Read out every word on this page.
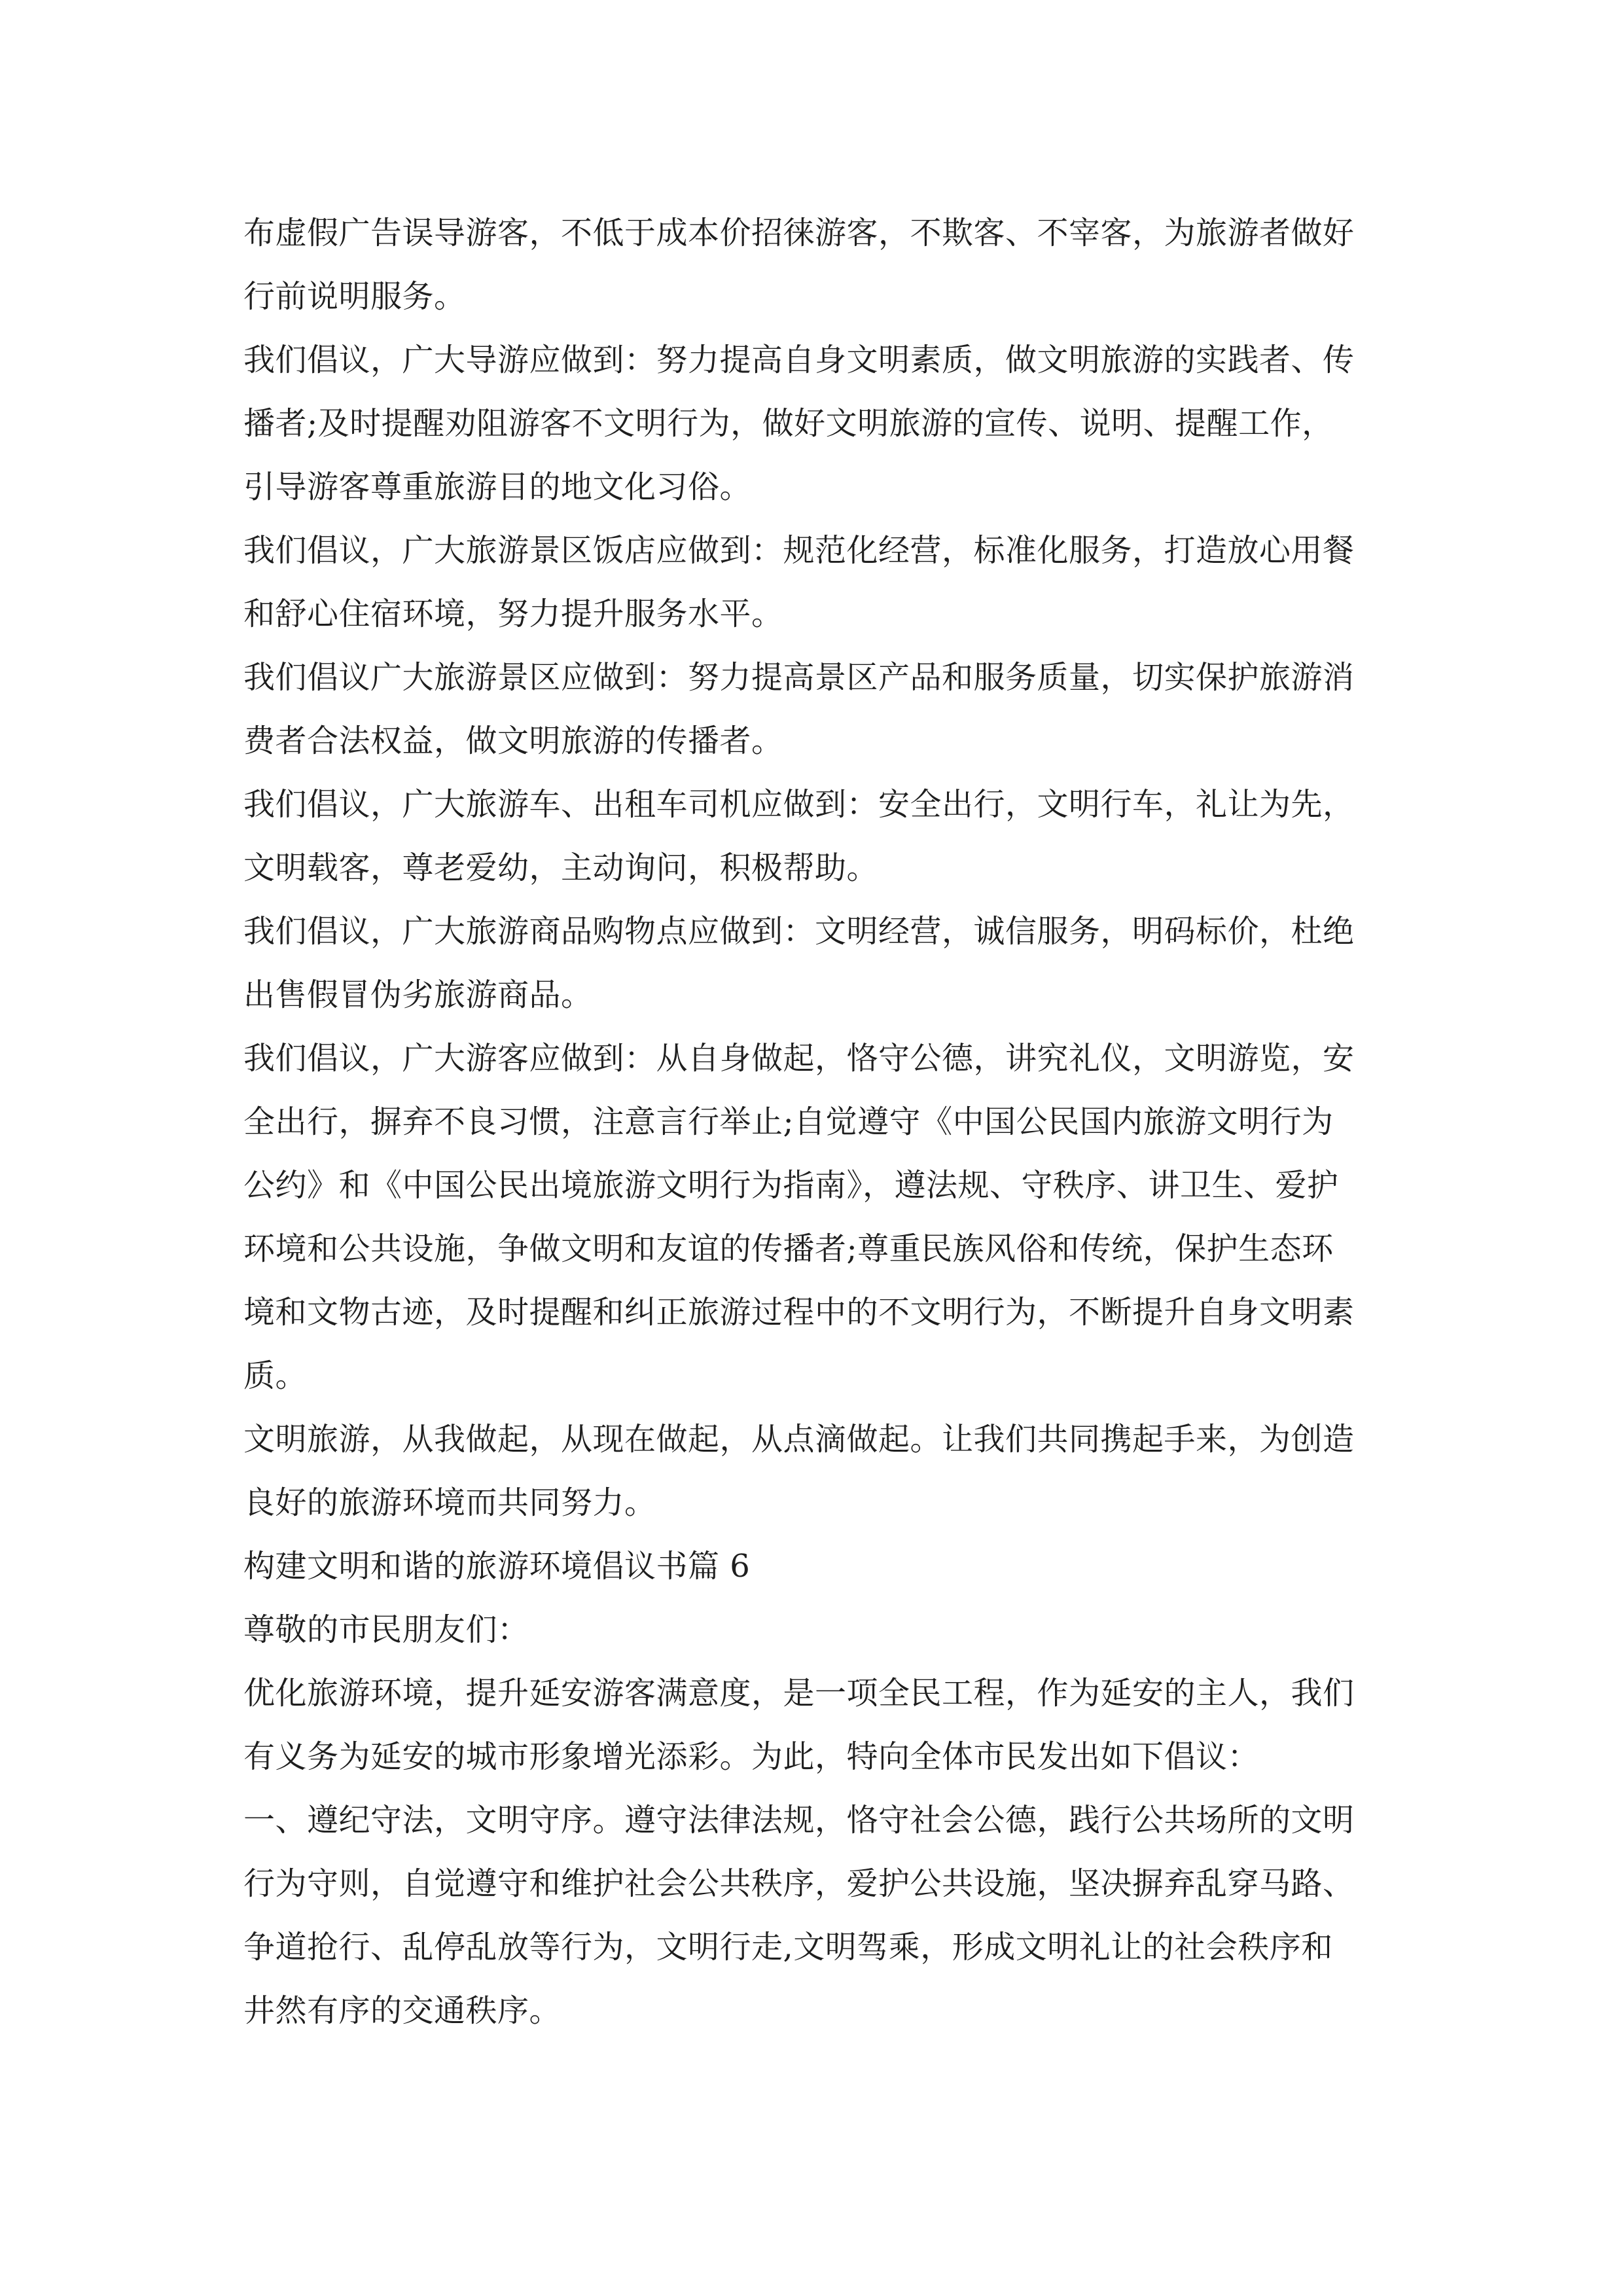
布虚假广告误导游客，不低于成本价招徕游客，不欺客、不宰客，为旅游者做好
行前说明服务。

我们倡议，广大导游应做到：努力提高自身文明素质，做文明旅游的实践者、传
播者;及时提醒劝阻游客不文明行为，做好文明旅游的宣传、说明、提醒工作，
引导游客尊重旅游目的地文化习俗。

我们倡议，广大旅游景区饭店应做到：规范化经营，标准化服务，打造放心用餐
和舒心住宿环境，努力提升服务水平。

我们倡议广大旅游景区应做到：努力提高景区产品和服务质量，切实保护旅游消
费者合法权益，做文明旅游的传播者。

我们倡议，广大旅游车、出租车司机应做到：安全出行，文明行车，礼让为先，
文明载客，尊老爱幼，主动询问，积极帮助。

我们倡议，广大旅游商品购物点应做到：文明经营，诚信服务，明码标价，杜绝
出售假冒伪劣旅游商品。

我们倡议，广大游客应做到：从自身做起，恪守公德，讲究礼仪，文明游览，安
全出行，摒弃不良习惯，注意言行举止;自觉遵守《中国公民国内旅游文明行为
公约》和《中国公民出境旅游文明行为指南》，遵法规、守秩序、讲卫生、爱护
环境和公共设施，争做文明和友谊的传播者;尊重民族风俗和传统，保护生态环
境和文物古迹，及时提醒和纠正旅游过程中的不文明行为，不断提升自身文明素
质。

文明旅游，从我做起，从现在做起，从点滴做起。让我们共同携起手来，为创造
良好的旅游环境而共同努力。

构建文明和谐的旅游环境倡议书篇 6

尊敬的市民朋友们：

优化旅游环境，提升延安游客满意度，是一项全民工程，作为延安的主人，我们
有义务为延安的城市形象增光添彩。为此，特向全体市民发出如下倡议：

一、遵纪守法，文明守序。遵守法律法规，恪守社会公德，践行公共场所的文明
行为守则，自觉遵守和维护社会公共秩序，爱护公共设施，坚决摒弃乱穿马路、
争道抢行、乱停乱放等行为，文明行走,文明驾乘，形成文明礼让的社会秩序和
井然有序的交通秩序。
